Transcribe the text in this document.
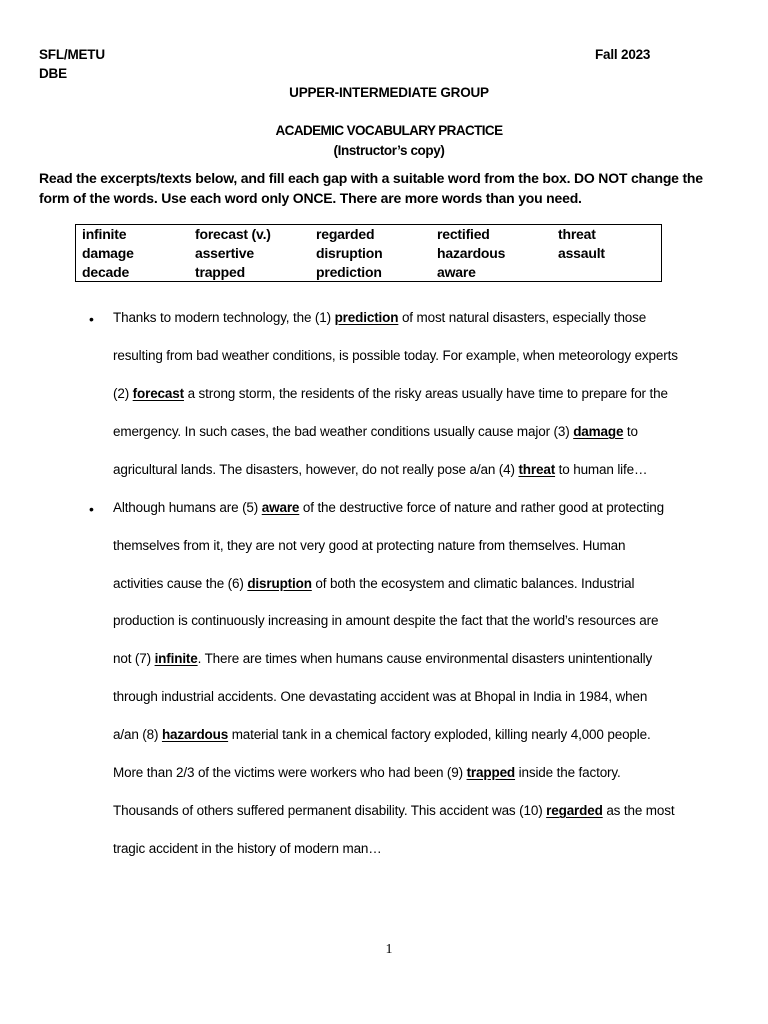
SFL/METU
DBE
Fall 2023
UPPER-INTERMEDIATE GROUP
ACADEMIC VOCABULARY PRACTICE
(Instructor’s copy)
Read the excerpts/texts below, and fill each gap with a suitable word from the box. DO NOT change the form of the words. Use each word only ONCE. There are more words than you need.
infinite	forecast (v.)	regarded	rectified	threat
damage	assertive	disruption	hazardous	assault
decade	trapped	prediction	aware
• Thanks to modern technology, the (1) prediction of most natural disasters, especially those
resulting from bad weather conditions, is possible today. For example, when meteorology experts
(2) forecast a strong storm, the residents of the risky areas usually have time to prepare for the
emergency. In such cases, the bad weather conditions usually cause major (3) damage to
agricultural lands. The disasters, however, do not really pose a/an (4) threat to human life…
• Although humans are (5) aware of the destructive force of nature and rather good at protecting
themselves from it, they are not very good at protecting nature from themselves. Human
activities cause the (6) disruption of both the ecosystem and climatic balances. Industrial
production is continuously increasing in amount despite the fact that the world’s resources are
not (7) infinite. There are times when humans cause environmental disasters unintentionally
through industrial accidents. One devastating accident was at Bhopal in India in 1984, when
a/an (8) hazardous material tank in a chemical factory exploded, killing nearly 4,000 people.
More than 2/3 of the victims were workers who had been (9) trapped inside the factory.
Thousands of others suffered permanent disability. This accident was (10) regarded as the most
tragic accident in the history of modern man…
1
